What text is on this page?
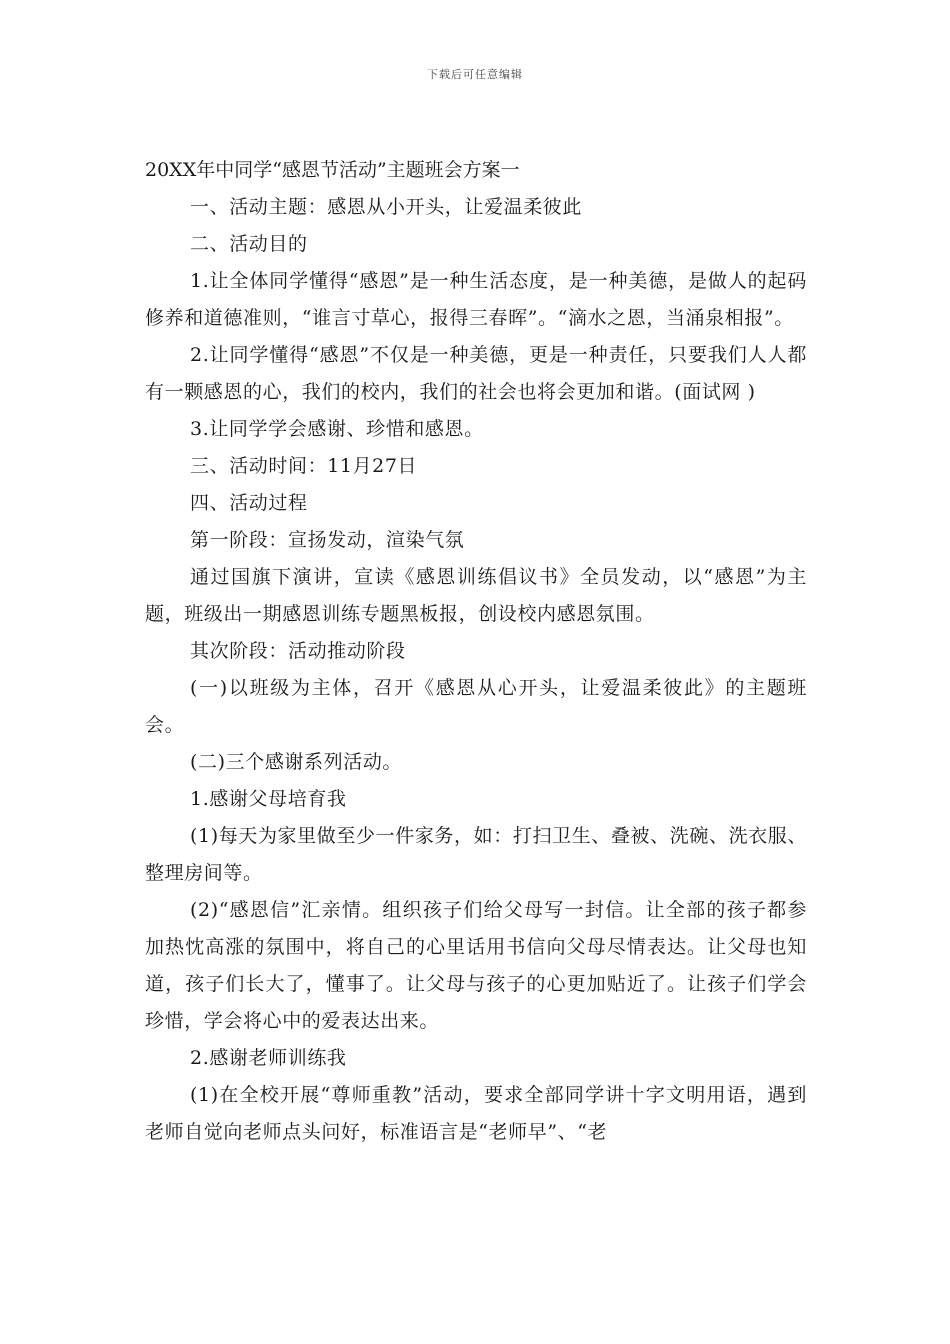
下载后可任意编辑
20XX年中同学“感恩节活动”主题班会方案一

一、活动主题：感恩从小开头，让爱温柔彼此

二、活动目的

1.让全体同学懂得“感恩”是一种生活态度，是一种美德，是做人的起码修养和道德准则，“谁言寸草心，报得三春晖”。“滴水之恩，当涌泉相报”。

2.让同学懂得“感恩”不仅是一种美德，更是一种责任，只要我们人人都有一颗感恩的心，我们的校内，我们的社会也将会更加和谐。(面试网 )

3.让同学学会感谢、珍惜和感恩。

三、活动时间：11月27日

四、活动过程

第一阶段：宣扬发动，渲染气氛

通过国旗下演讲，宣读《感恩训练倡议书》全员发动，以“感恩”为主题，班级出一期感恩训练专题黑板报，创设校内感恩氛围。

其次阶段：活动推动阶段

(一)以班级为主体，召开《感恩从心开头，让爱温柔彼此》的主题班会。

(二)三个感谢系列活动。

1.感谢父母培育我

(1)每天为家里做至少一件家务，如：打扫卫生、叠被、洗碗、洗衣服、整理房间等。

(2)“感恩信”汇亲情。组织孩子们给父母写一封信。让全部的孩子都参加热忱高涨的氛围中，将自己的心里话用书信向父母尽情表达。让父母也知道，孩子们长大了，懂事了。让父母与孩子的心更加贴近了。让孩子们学会珍惜，学会将心中的爱表达出来。

2.感谢老师训练我

(1)在全校开展“尊师重教”活动，要求全部同学讲十字文明用语，遇到老师自觉向老师点头问好，标准语言是“老师早”、“老
